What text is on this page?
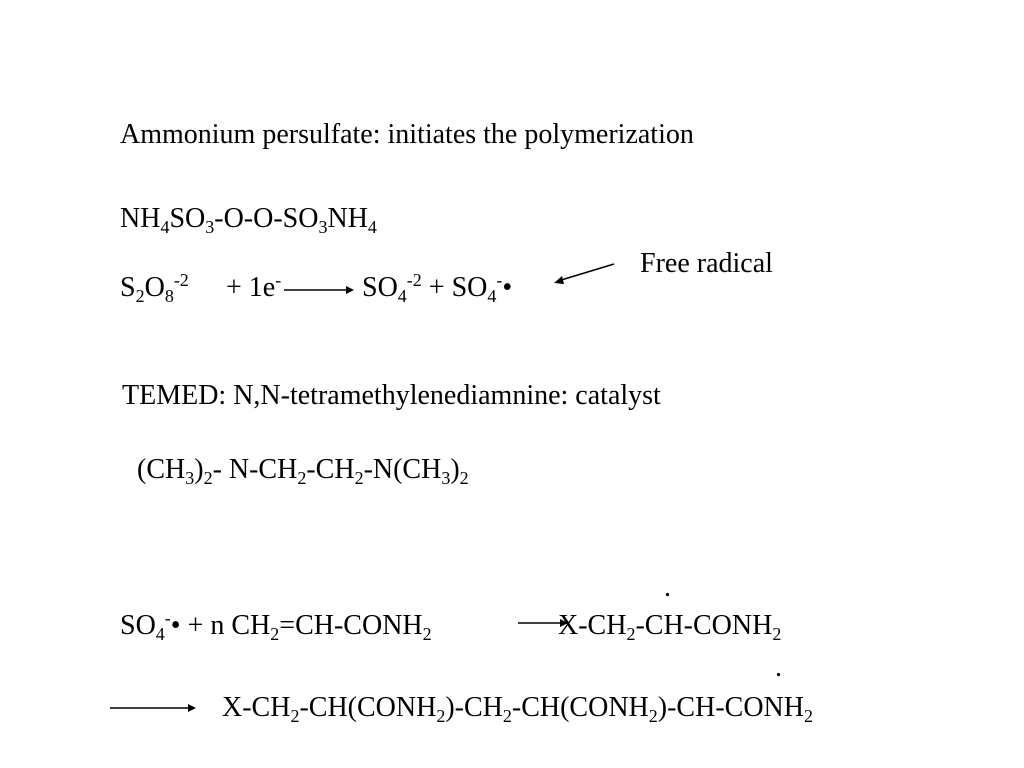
Ammonium persulfate: initiates the polymerization
$NH_4SO_3-O-O-SO_3NH_4$
$S_2O_8^{-2} + 1e^-$	$SO_4^{-2}$ + $SO_4^-•$
Free radical
TEMED: N,N-tetramethylenediamnine: catalyst
$(CH_3)_2-$ $N-CH_2-CH_2-N(CH_3)_2$
.
$SO_4^-• + n$ $CH_2=CH-CONH_2$	$X-CH_2-CH-CONH_2$
.
$X-CH_2-CH(CONH_2)-CH_2-CH(CONH_2)-CH-CONH_2$
